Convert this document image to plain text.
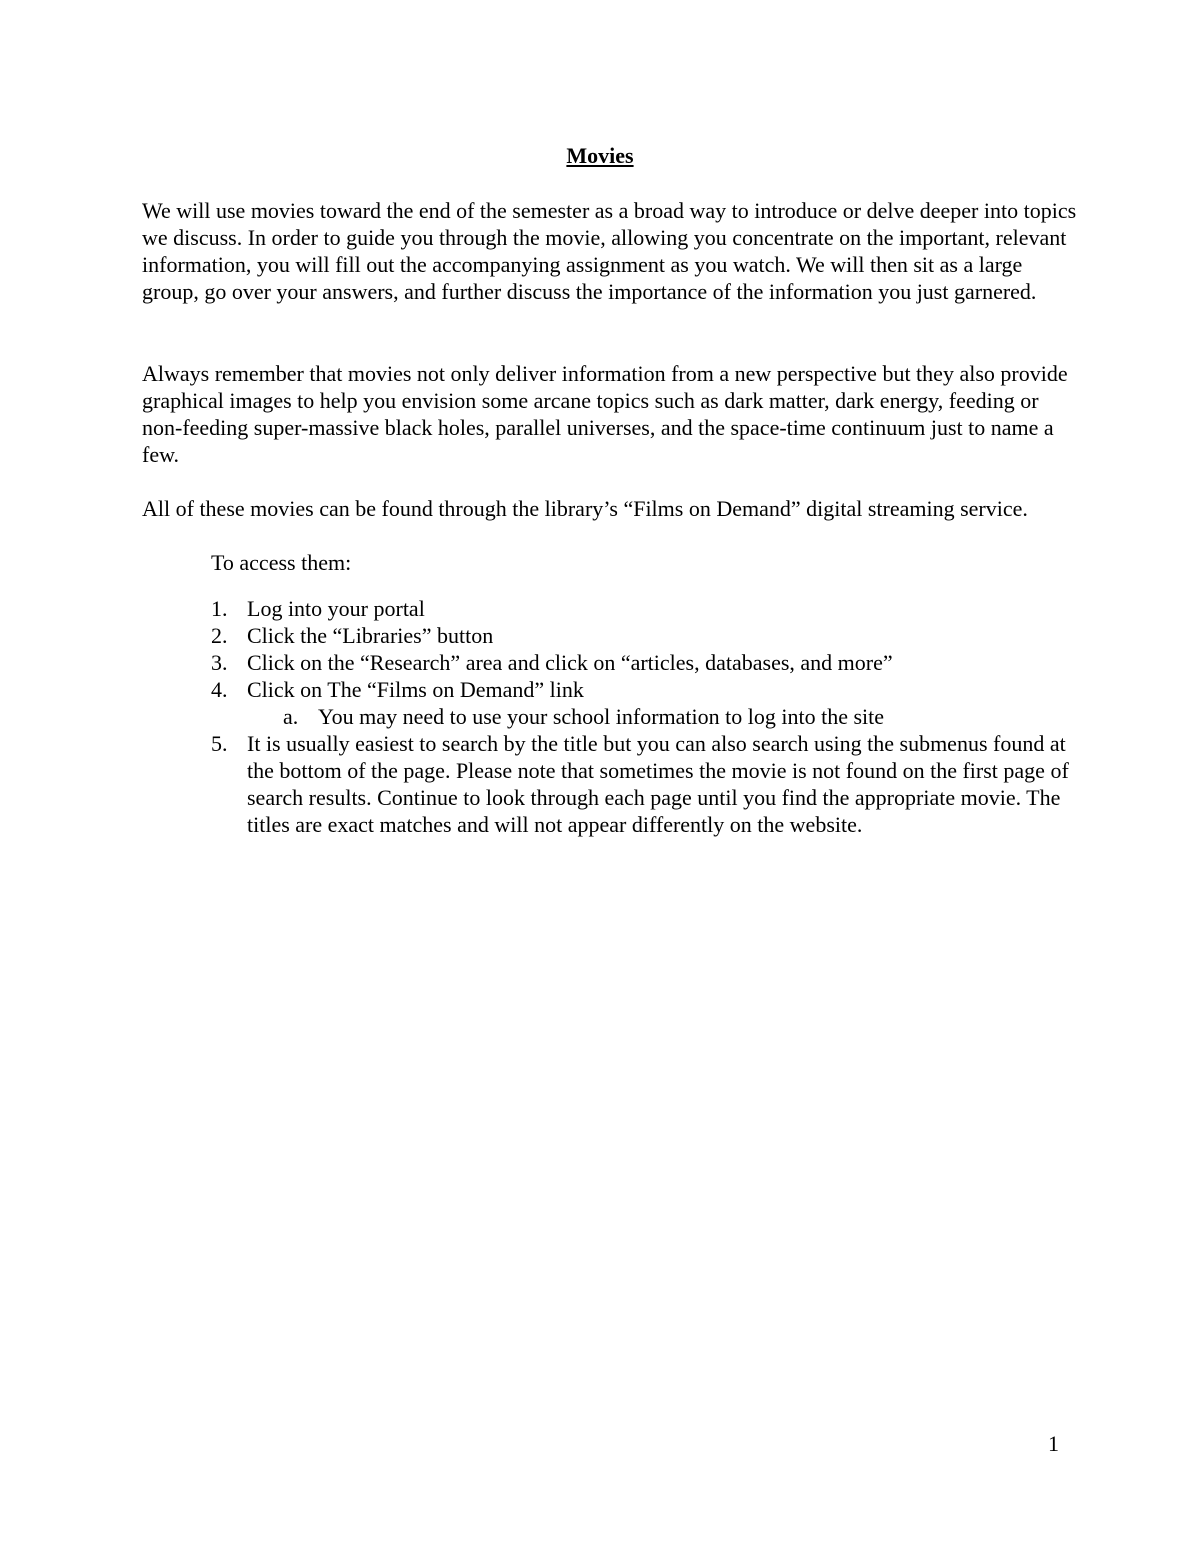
Movies

We will use movies toward the end of the semester as a broad way to introduce or delve deeper into topics we discuss. In order to guide you through the movie, allowing you concentrate on the important, relevant information, you will fill out the accompanying assignment as you watch. We will then sit as a large group, go over your answers, and further discuss the importance of the information you just garnered.

Always remember that movies not only deliver information from a new perspective but they also provide graphical images to help you envision some arcane topics such as dark matter, dark energy, feeding or non-feeding super-massive black holes, parallel universes, and the space-time continuum just to name a few.

All of these movies can be found through the library’s “Films on Demand” digital streaming service.

To access them:

1. Log into your portal
2. Click the “Libraries” button
3. Click on the “Research” area and click on “articles, databases, and more”
4. Click on The “Films on Demand” link
a. You may need to use your school information to log into the site
5. It is usually easiest to search by the title but you can also search using the submenus found at the bottom of the page. Please note that sometimes the movie is not found on the first page of search results. Continue to look through each page until you find the appropriate movie. The titles are exact matches and will not appear differently on the website.

1
